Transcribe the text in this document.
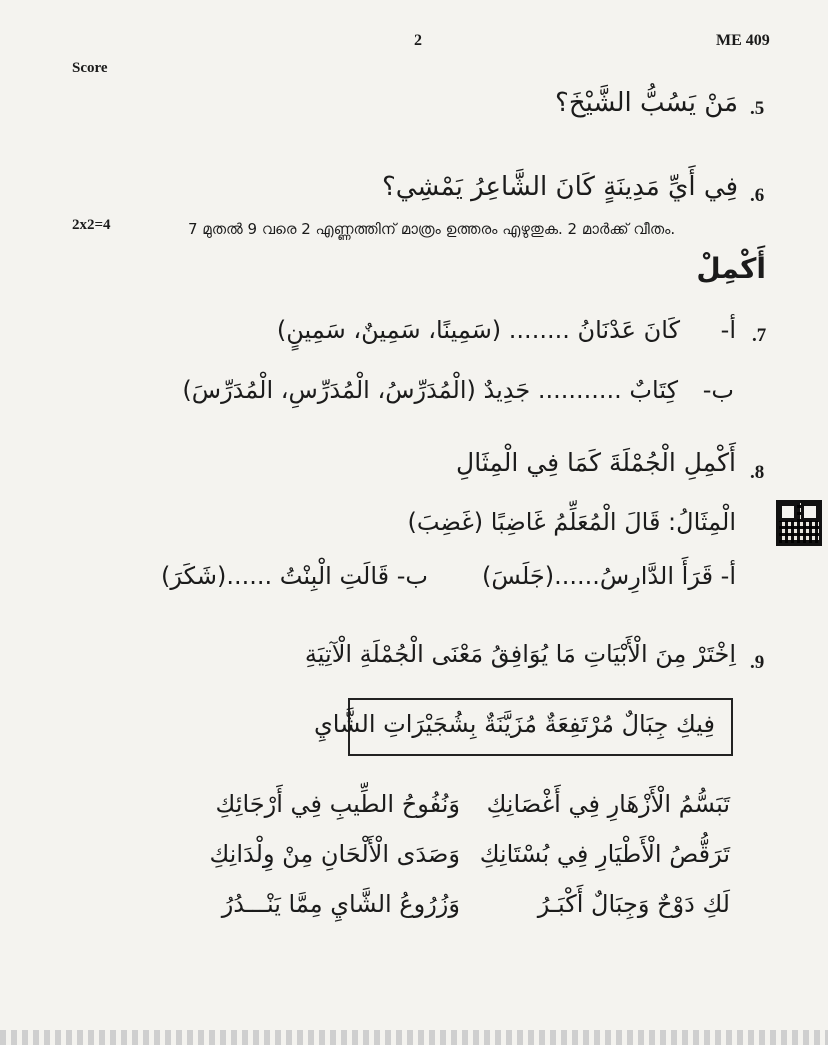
2	ME 409
Score
.5
مَنْ يَسُبُّ الشَّيْخَ؟
.6
فِي أَيِّ مَدِينَةٍ كَانَ الشَّاعِرُ يَمْشِي؟
2x2=4	7 മുതൽ 9 വരെ 2 എണ്ണത്തിന് മാത്രം ഉത്തരം എഴുതുക. 2 മാർക്ക് വീതം.
أَكْمِلْ
.7
أ-
كَانَ عَدْنَانُ ........ (سَمِينًا، سَمِينٌ، سَمِينٍ)
ب-
كِتَابٌ ........... جَدِيدٌ (الْمُدَرِّسُ، الْمُدَرِّسِ، الْمُدَرِّسَ)
.8
أَكْمِلِ الْجُمْلَةَ كَمَا فِي الْمِثَالِ
الْمِثَالُ: قَالَ الْمُعَلِّمُ غَاضِبًا (غَضِبَ)
أ- قَرَأَ الدَّارِسُ......(جَلَسَ)
ب- قَالَتِ الْبِنْتُ ......(شَكَرَ)
.9
اِخْتَرْ مِنَ الْأَبْيَاتِ مَا يُوَافِقُ مَعْنَى الْجُمْلَةِ الْآتِيَةِ
فِيكِ جِبَالٌ مُرْتَفِعَةٌ مُزَيَّنَةٌ بِشُجَيْرَاتِ الشَّايِ
تَبَسُّمُ الْأَزْهَارِ فِي أَغْصَانِكِ
وَنُفُوحُ الطِّيبِ فِي أَرْجَائِكِ
تَرَقُّصُ الْأَطْيَارِ فِي بُسْتَانِكِ
وَصَدَى الْأَلْحَانِ مِنْ وِلْدَانِكِ
لَكِ دَوْحٌ وَجِبَالٌ أَكْبَـرُ
وَزُرُوعُ الشَّايِ مِمَّا يَنْـــدُرُ
